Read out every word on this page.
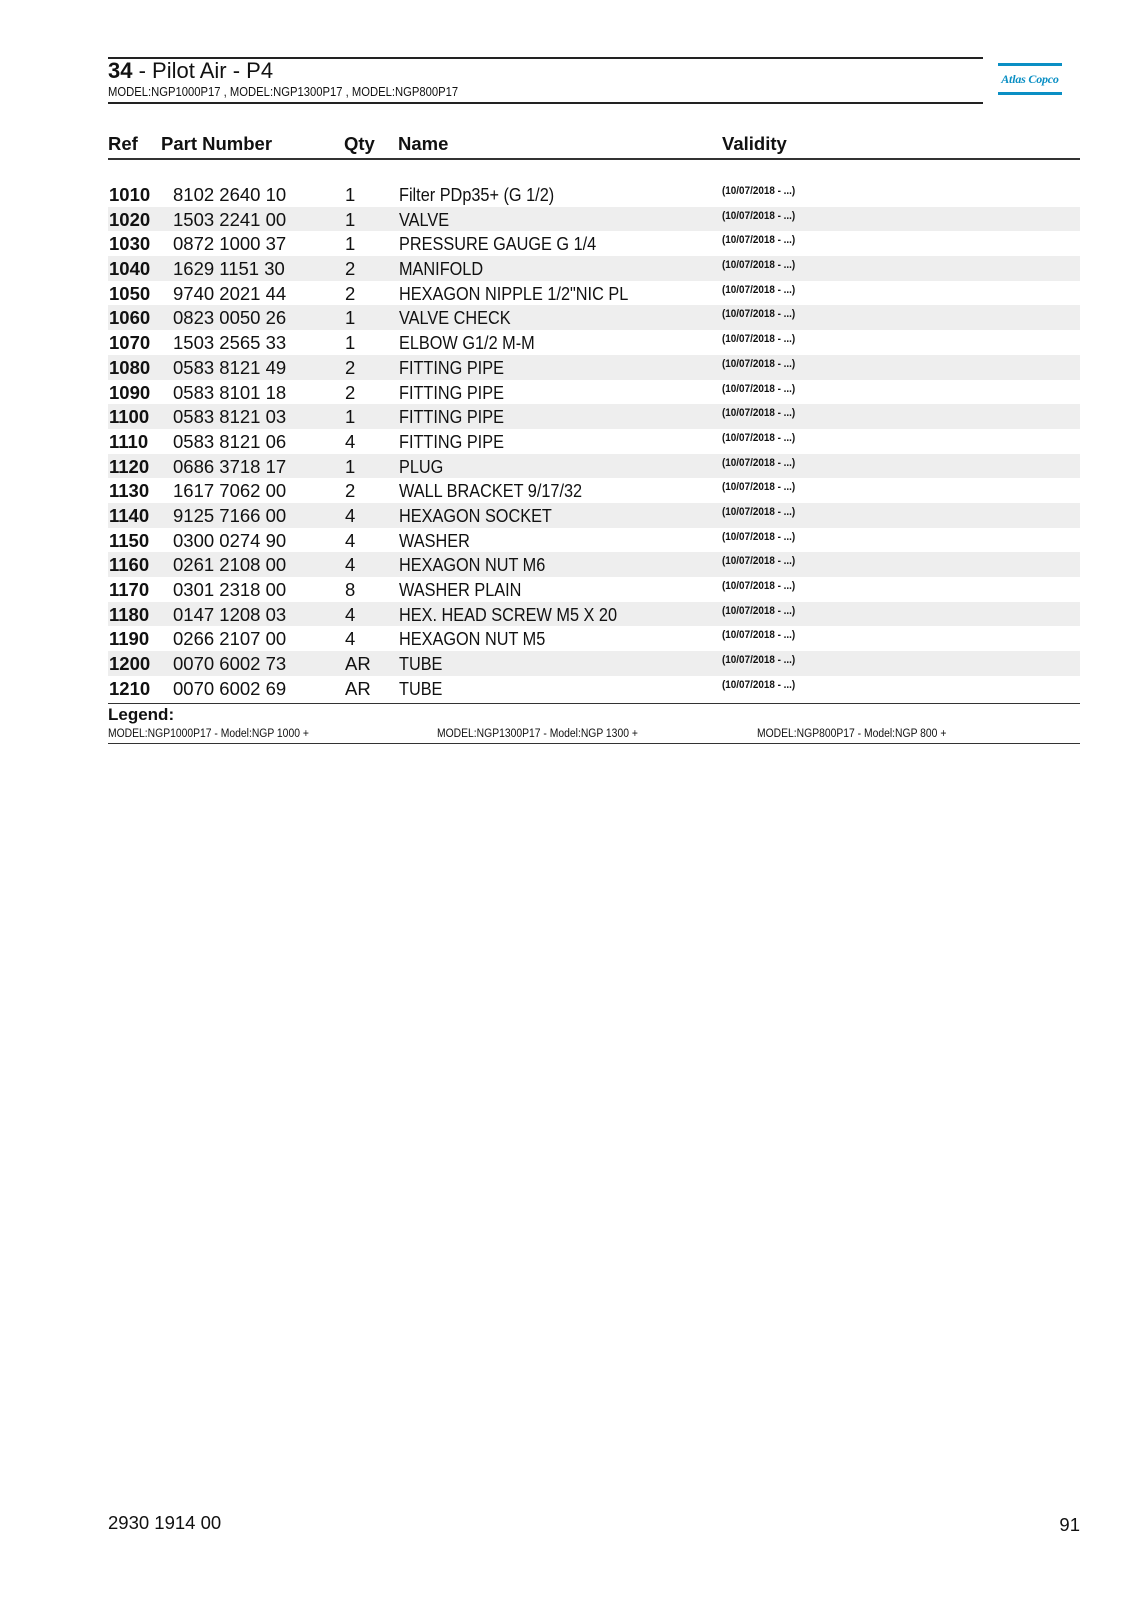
34 - Pilot Air - P4
MODEL:NGP1000P17 , MODEL:NGP1300P17 , MODEL:NGP800P17
Atlas Copco
Ref Part Number	Qty Name	Validity
1010 8102 2640 10	1 Filter PDp35+ (G 1/2)	(10/07/2018 - ...)
1020 1503 2241 00	1 VALVE	(10/07/2018 - ...)
1030 0872 1000 37	1 PRESSURE GAUGE G 1/4	(10/07/2018 - ...)
1040 1629 1151 30	2 MANIFOLD	(10/07/2018 - ...)
1050 9740 2021 44	2 HEXAGON NIPPLE 1/2"NIC PL	(10/07/2018 - ...)
1060 0823 0050 26	1 VALVE CHECK	(10/07/2018 - ...)
1070 1503 2565 33	1 ELBOW G1/2 M-M	(10/07/2018 - ...)
1080 0583 8121 49	2 FITTING PIPE	(10/07/2018 - ...)
1090 0583 8101 18	2 FITTING PIPE	(10/07/2018 - ...)
1100 0583 8121 03	1 FITTING PIPE	(10/07/2018 - ...)
1110 0583 8121 06	4 FITTING PIPE	(10/07/2018 - ...)
1120 0686 3718 17	1 PLUG	(10/07/2018 - ...)
1130 1617 7062 00	2 WALL BRACKET 9/17/32	(10/07/2018 - ...)
1140 9125 7166 00	4 HEXAGON SOCKET	(10/07/2018 - ...)
1150 0300 0274 90	4 WASHER	(10/07/2018 - ...)
1160 0261 2108 00	4 HEXAGON NUT M6	(10/07/2018 - ...)
1170 0301 2318 00	8 WASHER PLAIN	(10/07/2018 - ...)
1180 0147 1208 03	4 HEX. HEAD SCREW M5 X 20	(10/07/2018 - ...)
1190 0266 2107 00	4 HEXAGON NUT M5	(10/07/2018 - ...)
1200 0070 6002 73	AR TUBE	(10/07/2018 - ...)
1210 0070 6002 69	AR TUBE	(10/07/2018 - ...)
Legend:
MODEL:NGP1000P17 - Model:NGP 1000 +	MODEL:NGP1300P17 - Model:NGP 1300 +	MODEL:NGP800P17 - Model:NGP 800 +
2930 1914 00	91
